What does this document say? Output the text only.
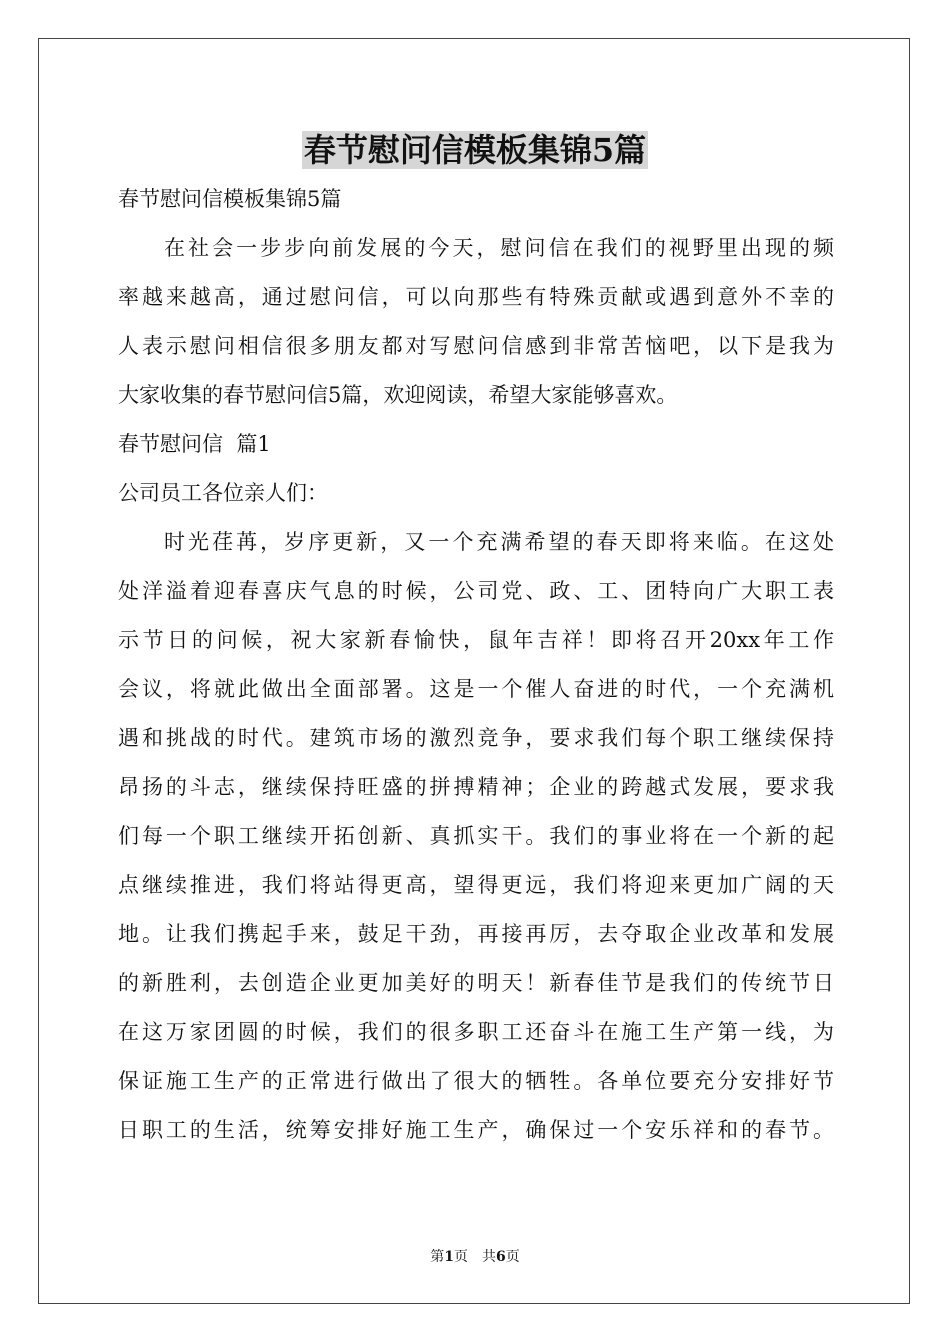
春节慰问信模板集锦5篇
春节慰问信模板集锦5篇
在社会一步步向前发展的今天，慰问信在我们的视野里出现的频
率越来越高，通过慰问信，可以向那些有特殊贡献或遇到意外不幸的
人表示慰问相信很多朋友都对写慰问信感到非常苦恼吧，以下是我为
大家收集的春节慰问信5篇，欢迎阅读，希望大家能够喜欢。
春节慰问信  篇1
公司员工各位亲人们：
时光荏苒，岁序更新，又一个充满希望的春天即将来临。在这处
处洋溢着迎春喜庆气息的时候，公司党、政、工、团特向广大职工表
示节日的问候，祝大家新春愉快，鼠年吉祥！即将召开20xx年工作
会议，将就此做出全面部署。这是一个催人奋进的时代，一个充满机
遇和挑战的时代。建筑市场的激烈竞争，要求我们每个职工继续保持
昂扬的斗志，继续保持旺盛的拼搏精神；企业的跨越式发展，要求我
们每一个职工继续开拓创新、真抓实干。我们的事业将在一个新的起
点继续推进，我们将站得更高，望得更远，我们将迎来更加广阔的天
地。让我们携起手来，鼓足干劲，再接再厉，去夺取企业改革和发展
的新胜利，去创造企业更加美好的明天！新春佳节是我们的传统节日
在这万家团圆的时候，我们的很多职工还奋斗在施工生产第一线，为
保证施工生产的正常进行做出了很大的牺牲。各单位要充分安排好节
日职工的生活，统筹安排好施工生产，确保过一个安乐祥和的春节。
第1页 共6页
